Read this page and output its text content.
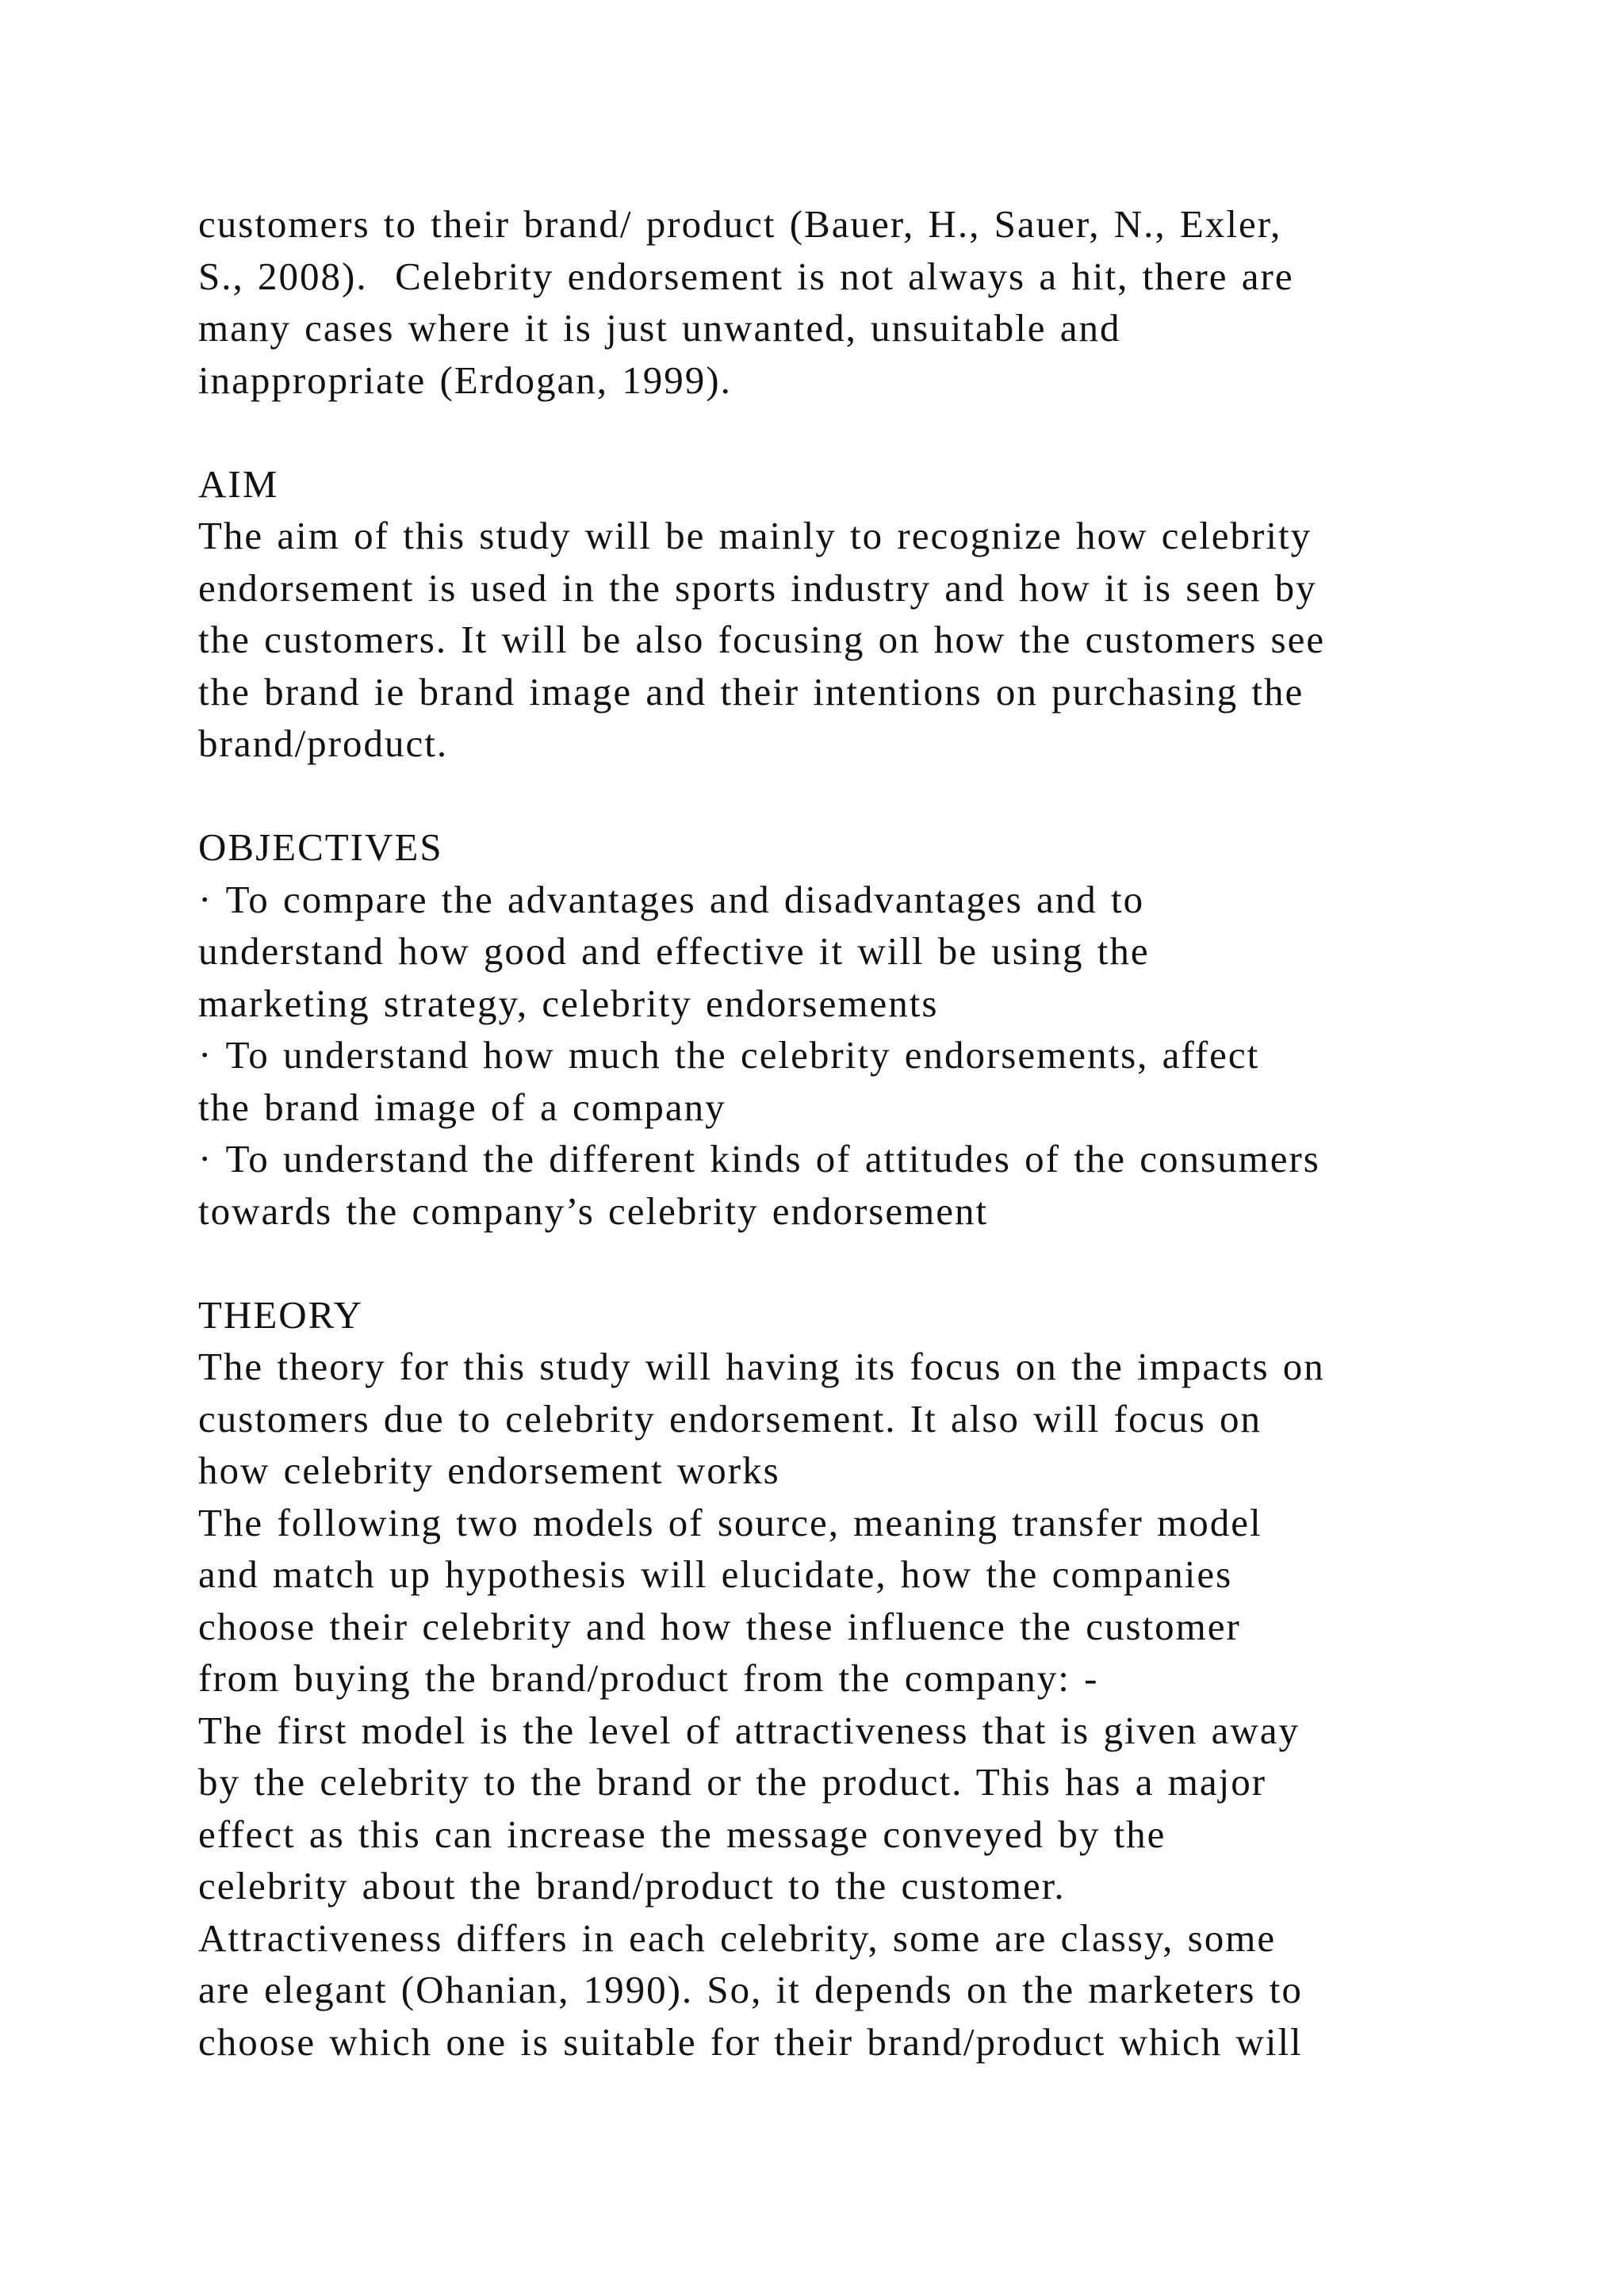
customers to their brand/ product (Bauer, H., Sauer, N., Exler,
S., 2008).  Celebrity endorsement is not always a hit, there are
many cases where it is just unwanted, unsuitable and
inappropriate (Erdogan, 1999).
AIM
The aim of this study will be mainly to recognize how celebrity
endorsement is used in the sports industry and how it is seen by
the customers. It will be also focusing on how the customers see
the brand ie brand image and their intentions on purchasing the
brand/product.
OBJECTIVES
· To compare the advantages and disadvantages and to
understand how good and effective it will be using the
marketing strategy, celebrity endorsements
· To understand how much the celebrity endorsements, affect
the brand image of a company
· To understand the different kinds of attitudes of the consumers
towards the company’s celebrity endorsement
THEORY
The theory for this study will having its focus on the impacts on
customers due to celebrity endorsement. It also will focus on
how celebrity endorsement works
The following two models of source, meaning transfer model
and match up hypothesis will elucidate, how the companies
choose their celebrity and how these influence the customer
from buying the brand/product from the company: -
The first model is the level of attractiveness that is given away
by the celebrity to the brand or the product. This has a major
effect as this can increase the message conveyed by the
celebrity about the brand/product to the customer.
Attractiveness differs in each celebrity, some are classy, some
are elegant (Ohanian, 1990). So, it depends on the marketers to
choose which one is suitable for their brand/product which will
